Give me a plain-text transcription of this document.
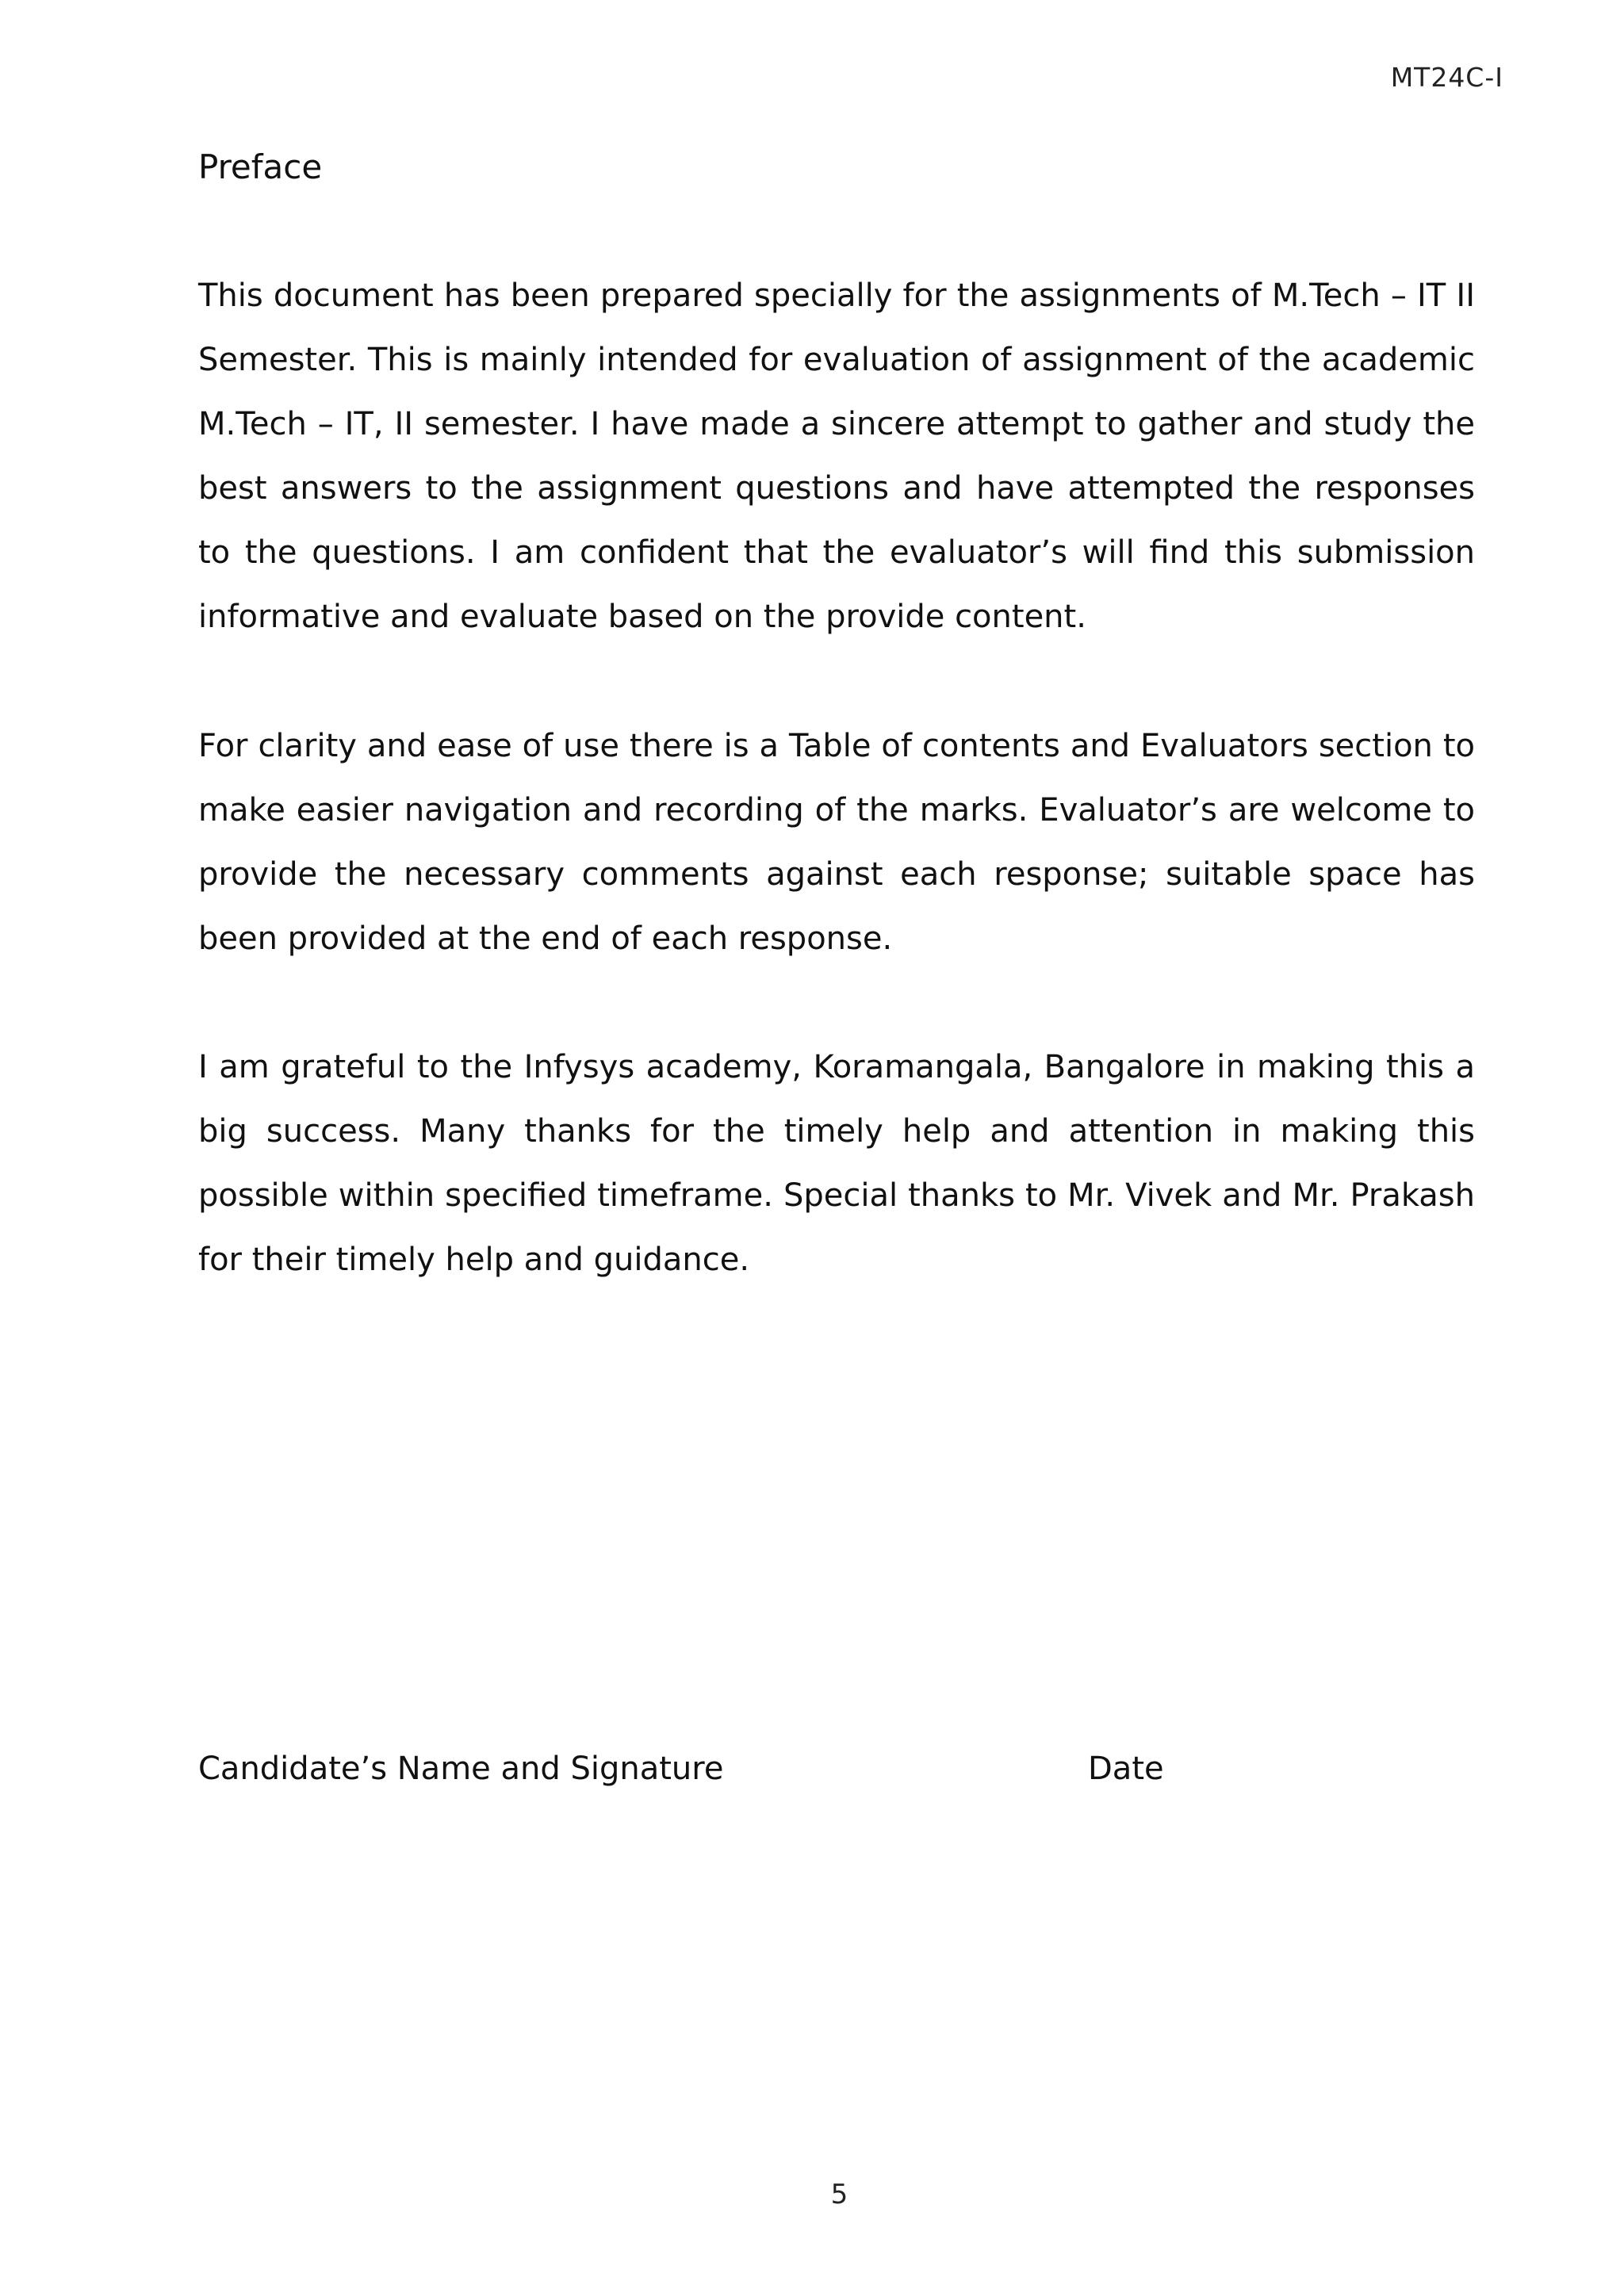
MT24C-I
Preface

This document has been prepared specially for the assignments of M.Tech – IT II Semester. This is mainly intended for evaluation of assignment of the academic M.Tech – IT, II semester. I have made a sincere attempt to gather and study the best answers to the assignment questions and have attempted the responses to the questions. I am confident that the evaluator’s will find this submission informative and evaluate based on the provide content.

For clarity and ease of use there is a Table of contents and Evaluators section to make easier navigation and recording of the marks. Evaluator’s are welcome to provide the necessary comments against each response; suitable space has been provided at the end of each response.

I am grateful to the Infysys academy, Koramangala, Bangalore in making this a big success. Many thanks for the timely help and attention in making this possible within specified timeframe. Special thanks to Mr. Vivek and Mr. Prakash for their timely help and guidance.

Candidate’s Name and Signature	Date
5
